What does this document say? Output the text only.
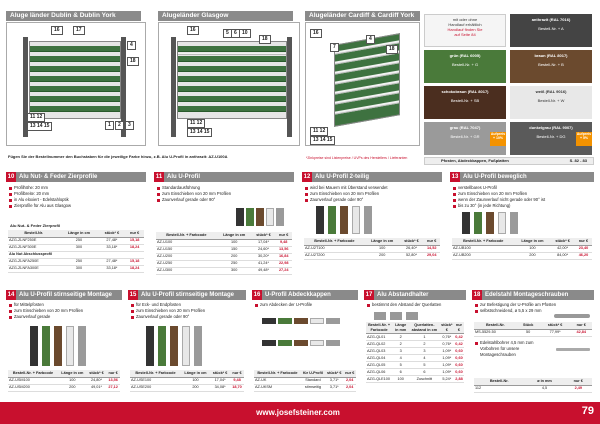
Aluge länder Dublin & Dublin York	Alugeländer Glasgow	Alugeländer Cardiff & Cardiff York
16	17
4
18
11 12
13 14 15	1	2	3
16	5	6	10
18
11 12
13 14 15
16
7
4
18
11 12
13 14 15
mit oder ohne
Handlauf erhältlich
Handlauf finden Sie
auf Seite 84
anthrazit (RAL 7016)
Bestell-Nr. + A
grün (RAL 6005)
Bestell-Nr. + G
braun (RAL 8017)
Bestell-Nr. + B
schokobraun (RAL 8017)
Bestell-Nr. + SB
weiß (RAL 9016)
Bestell-Nr. + W
grau (RAL 7047)
Bestell-Nr. + GR
dunkelgrau (RAL 9007)
Bestell-Nr. + DG	Aufpreis + 5%
Aufpreis + 10%
Fügen Sie der Bestellnummer den Buchstaben für die jeweilige Farbe hinzu, z.B. Alu U-Profil in anthrazit: AZ-U100A	*Zinkpreise sind Listenpreise / UVPs des Herstellers / Lieferanten	Pfosten, Abdeckkappen, Fußplatten	S. 82 - 83
10 Alu Nut- & Feder Zierprofile
Profilhöhe: 20 mm
Profilbreite: 20 mm
in Alu eloxiert - Edelstahloptik
Zierprofile für Alu aus Glasgow
Alu Nut- & Feder Zierprofil
Bestell-Nr.	Länge in cm	stück* €	nur €
AZG-ZLNF250E	250	27,48*	15,18
AZG-ZLNF300E	300	33,18*	18,24
Alu Nut Abschlussprofil			
AZG-ZLNFA250E	250	27,48*	15,18
AZG-ZLNFA300E	300	33,18*	18,24
11 Alu U-Profil
Standardausführung
zum Einschieben von 20 mm Profilen
Zaunverlauf gerade oder 90°
Bestell-Nr. + Farbcode	Länge in cm	stück* €	nur €
AZ-U100	100	17,04*	9,48
AZ-U150	150	24,60*	13,56
AZ-U200	200	30,20*	16,84
AZ-U250	250	41,24*	22,98
AZ-U300	300	49,48*	27,24
12 Alu U-Profil 2-teilig
wird bei Mauern mit Überstand verwendet
zum Einschieben von 20 mm Profilen
Zaunverlauf gerade oder 90°
Bestell-Nr. + Farbcode	Länge in cm	stück* €	nur €
AZ-U2T100	100	26,40*	14,52
AZ-U2T200	200	52,80*	29,04
13 Alu U-Profil beweglich
verstellbares U-Profil
zum Einschieben von 20 mm Profilen
wenn der Zaunverlauf nicht gerade oder 90° ist
bis zu 30° (in jede Richtung)
Bestell-Nr. + Farbcode	Länge in cm	stück* €	nur €
AZ-UB100	100	42,00*	23,40
AZ-UB200	200	84,00*	46,20
14 Alu U-Profil stirnseitige Montage
für Mittelpfosten
zum Einschieben von 20 mm Profilen
Zaunverlauf gerade
Bestell-Nr. + Farbcode	Länge in cm	stück* €	nur €
AZ-USM100	100	24,80*	13,56
AZ-USM200	200	49,01*	27,12
15 Alu U-Profil stirnseitige Montage
für Eck- und Endpfosten
zum Einschieben von 20 mm Profilen
Zaunverlauf gerade oder 90°
Bestell-Nr. + Farbcode	Länge in cm	stück* €	nur €
AZ-USE100	100	17,04*	9,48
AZ-USE200	200	34,08*	18,70
16 U-Profil Abdeckkappen
zum Abdecken der U-Profile
Bestell-Nr. + Farbcode	für U-Profil	stück* €	nur €
AZ-UK	Standard	3,71*	2,04
AZ-UKSM	stirnseitig	3,71*	2,04
17 Alu Abstandhalter
bestimmt den Abstand der Querlatten
Bestell-Nr. + Farbcode	Länge in mm	Querlatten- abstand in cm	stück* €	nur €
AZG-QL01	2	1	0,76*	0,42
AZG-QL02	2	2	0,76*	0,42
AZG-QL03	3	3	1,09*	0,60
AZG-QL04	4	4	1,09*	0,60
AZG-QL05	5	5	1,09*	0,60
AZG-QL06	6	6	1,09*	0,60
AZG-QLE100	100	Zuschnitt	5,24*	2,88
18 Edelstahl Montageschrauben
zur Befestigung der U-Profile am Pfosten
selbstschneidend, ø 5,5 x 29 mm
Bestell-Nr.	Stück	stück* €	nur €
MS-5529-50	50	77,99*	42,84
Edelstahlbohrer 4,5 mm zum Vorbohren für unsere Montageschrauben
Bestell-Nr.	ø in mm	nur €
112	4,5	2,49
www.josefsteiner.com	79
